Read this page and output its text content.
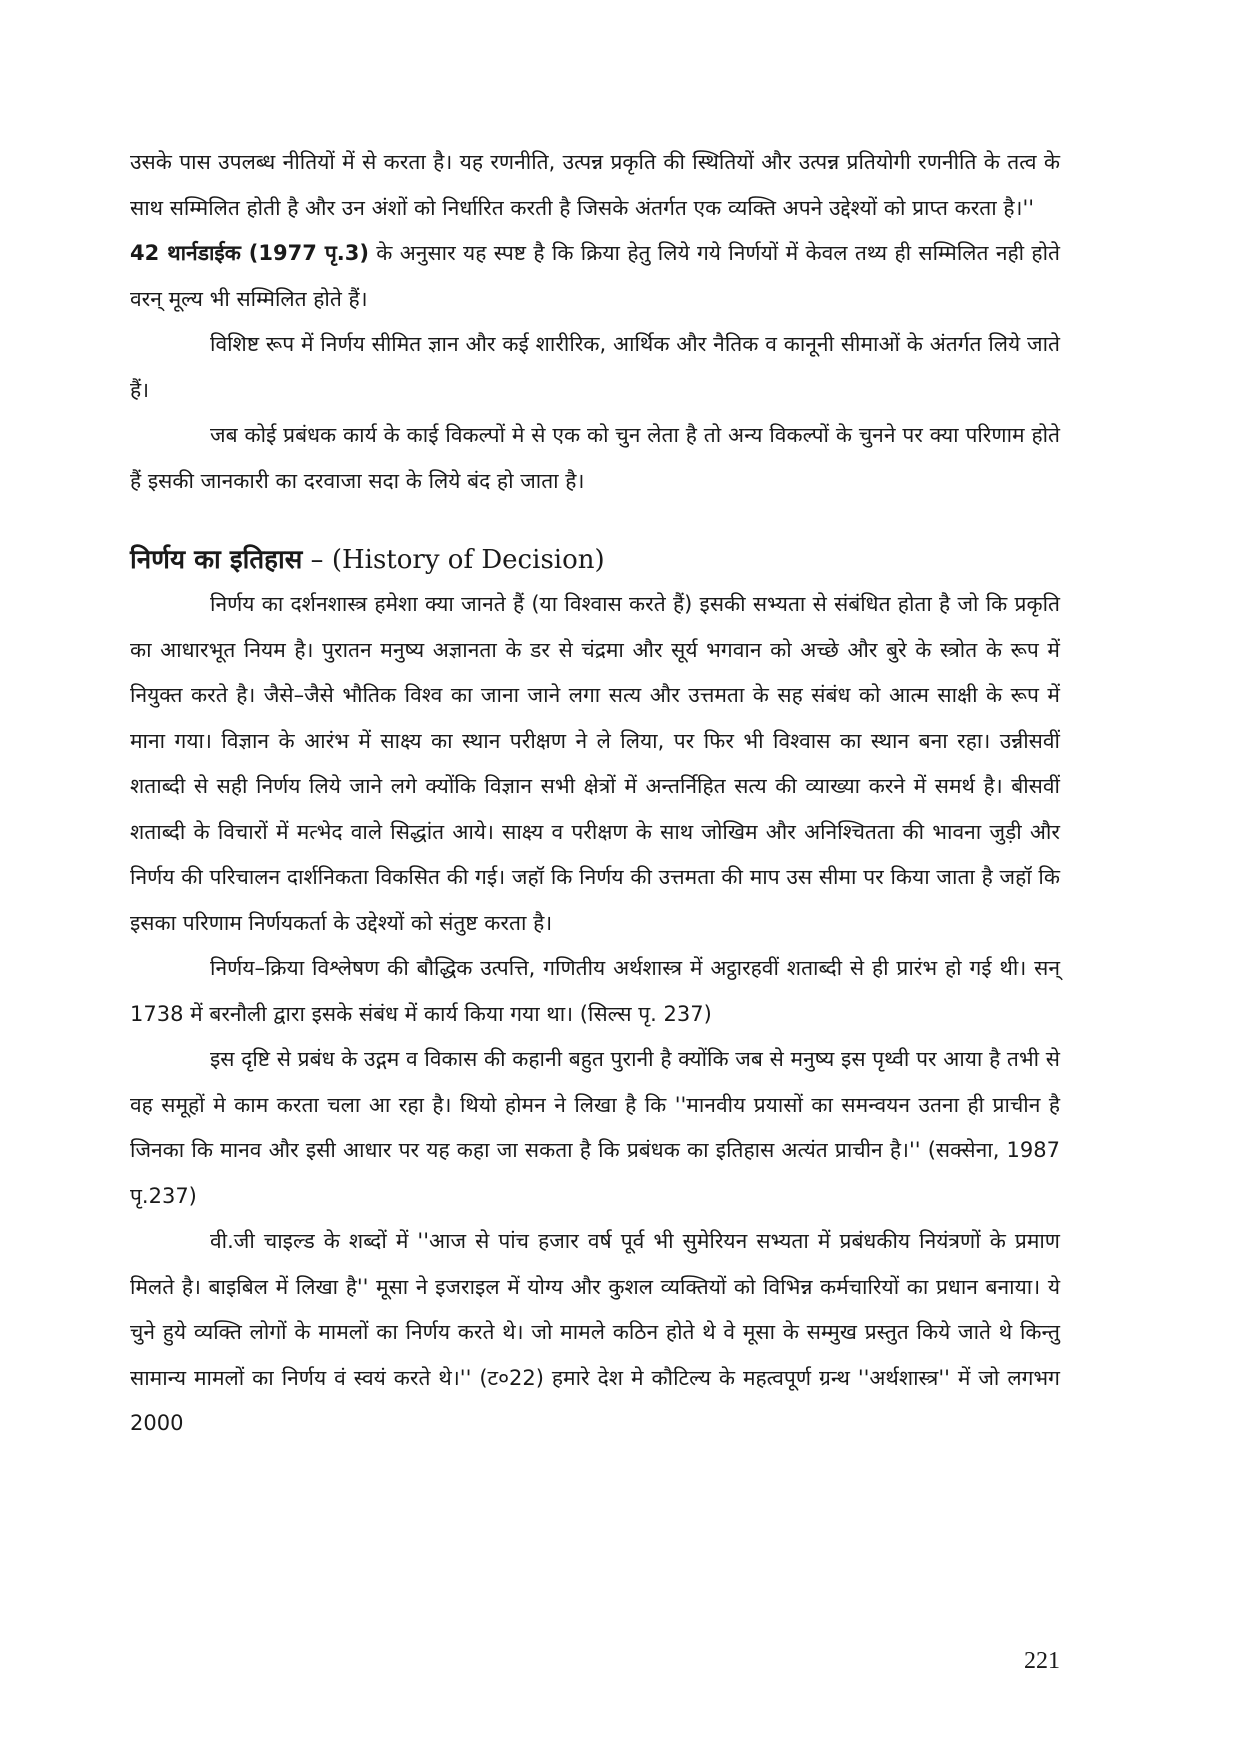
उसके पास उपलब्ध नीतियों में से करता है। यह रणनीति, उत्पन्न प्रकृति की स्थितियों और उत्पन्न प्रतियोगी रणनीति के तत्व के साथ सम्मिलित होती है और उन अंशों को निर्धारित करती है जिसके अंतर्गत एक व्यक्ति अपने उद्देश्यों को प्राप्त करता है।''

42 थार्नडाईक (1977 पृ.3) के अनुसार यह स्पष्ट है कि क्रिया हेतु लिये गये निर्णयों में केवल तथ्य ही सम्मिलित नही होते वरन् मूल्य भी सम्मिलित होते हैं।

विशिष्ट रूप में निर्णय सीमित ज्ञान और कई शारीरिक, आर्थिक और नैतिक व कानूनी सीमाओं के अंतर्गत लिये जाते हैं।

जब कोई प्रबंधक कार्य के काई विकल्पों मे से एक को चुन लेता है तो अन्य विकल्पों के चुनने पर क्या परिणाम होते हैं इसकी जानकारी का दरवाजा सदा के लिये बंद हो जाता है।

निर्णय का इतिहास – (History of Decision)

निर्णय का दर्शनशास्त्र हमेशा क्या जानते हैं (या विश्वास करते हैं) इसकी सभ्यता से संबंधित होता है जो कि प्रकृति का आधारभूत नियम है। पुरातन मनुष्य अज्ञानता के डर से चंद्रमा और सूर्य भगवान को अच्छे और बुरे के स्त्रोत के रूप में नियुक्त करते है। जैसे–जैसे भौतिक विश्व का जाना जाने लगा सत्य और उत्तमता के सह संबंध को आत्म साक्षी के रूप में माना गया। विज्ञान के आरंभ में साक्ष्य का स्थान परीक्षण ने ले लिया, पर फिर भी विश्वास का स्थान बना रहा। उन्नीसवीं शताब्दी से सही निर्णय लिये जाने लगे क्योंकि विज्ञान सभी क्षेत्रों में अन्तर्निहित सत्य की व्याख्या करने में समर्थ है। बीसवीं शताब्दी के विचारों में मत्भेद वाले सिद्धांत आये। साक्ष्य व परीक्षण के साथ जोखिम और अनिश्चितता की भावना जुड़ी और निर्णय की परिचालन दार्शनिकता विकसित की गई। जहॉ कि निर्णय की उत्तमता की माप उस सीमा पर किया जाता है जहॉ कि इसका परिणाम निर्णयकर्ता के उद्देश्यों को संतुष्ट करता है।

निर्णय–क्रिया विश्लेषण की बौद्धिक उत्पत्ति, गणितीय अर्थशास्त्र में अट्ठारहवीं शताब्दी से ही प्रारंभ हो गई थी। सन् 1738 में बरनौली द्वारा इसके संबंध में कार्य किया गया था। (सिल्स पृ. 237)

इस दृष्टि से प्रबंध के उद्गम व विकास की कहानी बहुत पुरानी है क्योंकि जब से मनुष्य इस पृथ्वी पर आया है तभी से वह समूहों मे काम करता चला आ रहा है। थियो होमन ने लिखा है कि ''मानवीय प्रयासों का समन्वयन उतना ही प्राचीन है जिनका कि मानव और इसी आधार पर यह कहा जा सकता है कि प्रबंधक का इतिहास अत्यंत प्राचीन है।'' (सक्सेना, 1987 पृ.237)

वी.जी चाइल्ड के शब्दों में ''आज से पांच हजार वर्ष पूर्व भी सुमेरियन सभ्यता में प्रबंधकीय नियंत्रणों के प्रमाण मिलते है। बाइबिल में लिखा है'' मूसा ने इजराइल में योग्य और कुशल व्यक्तियों को विभिन्न कर्मचारियों का प्रधान बनाया। ये चुने हुये व्यक्ति लोगों के मामलों का निर्णय करते थे। जो मामले कठिन होते थे वे मूसा के सम्मुख प्रस्तुत किये जाते थे किन्तु सामान्य मामलों का निर्णय वं स्वयं करते थे।'' (ट०22) हमारे देश मे कौटिल्य के महत्वपूर्ण ग्रन्थ ''अर्थशास्त्र'' में जो लगभग 2000

221
